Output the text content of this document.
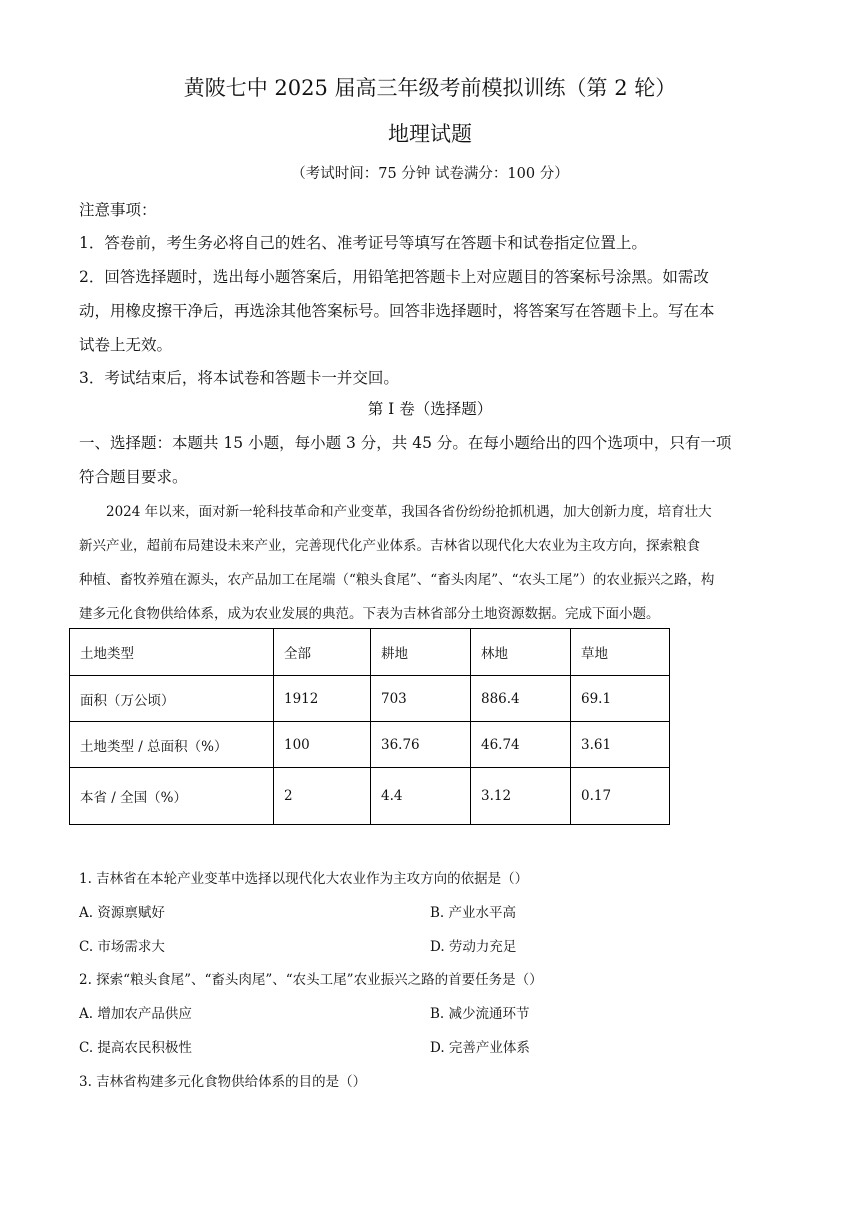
黄陂七中 2025 届高三年级考前模拟训练（第 2 轮）
地理试题
（考试时间：75 分钟 试卷满分：100 分）
注意事项：
1．答卷前，考生务必将自己的姓名、准考证号等填写在答题卡和试卷指定位置上。
2．回答选择题时，选出每小题答案后，用铅笔把答题卡上对应题目的答案标号涂黑。如需改
动，用橡皮擦干净后，再选涂其他答案标号。回答非选择题时，将答案写在答题卡上。写在本
试卷上无效。
3．考试结束后，将本试卷和答题卡一并交回。
第 I 卷（选择题）
一、选择题：本题共 15 小题，每小题 3 分，共 45 分。在每小题给出的四个选项中，只有一项
符合题目要求。
2024 年以来，面对新一轮科技革命和产业变革，我国各省份纷纷抢抓机遇，加大创新力度，培育壮大
新兴产业，超前布局建设未来产业，完善现代化产业体系。吉林省以现代化大农业为主攻方向，探索粮食
种植、畜牧养殖在源头，农产品加工在尾端（“粮头食尾”、“畜头肉尾”、“农头工尾”）的农业振兴之路，构
建多元化食物供给体系，成为农业发展的典范。下表为吉林省部分土地资源数据。完成下面小题。
土地类型	全部	耕地	林地	草地
面积（万公顷）	1912	703	886.4	69.1
土地类型 / 总面积（%）	100	36.76	46.74	3.61
本省 / 全国（%）	2	4.4	3.12	0.17
1. 吉林省在本轮产业变革中选择以现代化大农业作为主攻方向的依据是（）
A. 资源禀赋好	B. 产业水平高
C. 市场需求大	D. 劳动力充足
2. 探索“粮头食尾”、“畜头肉尾”、“农头工尾”农业振兴之路的首要任务是（）
A. 增加农产品供应	B. 减少流通环节
C. 提高农民积极性	D. 完善产业体系
3. 吉林省构建多元化食物供给体系的目的是（）
